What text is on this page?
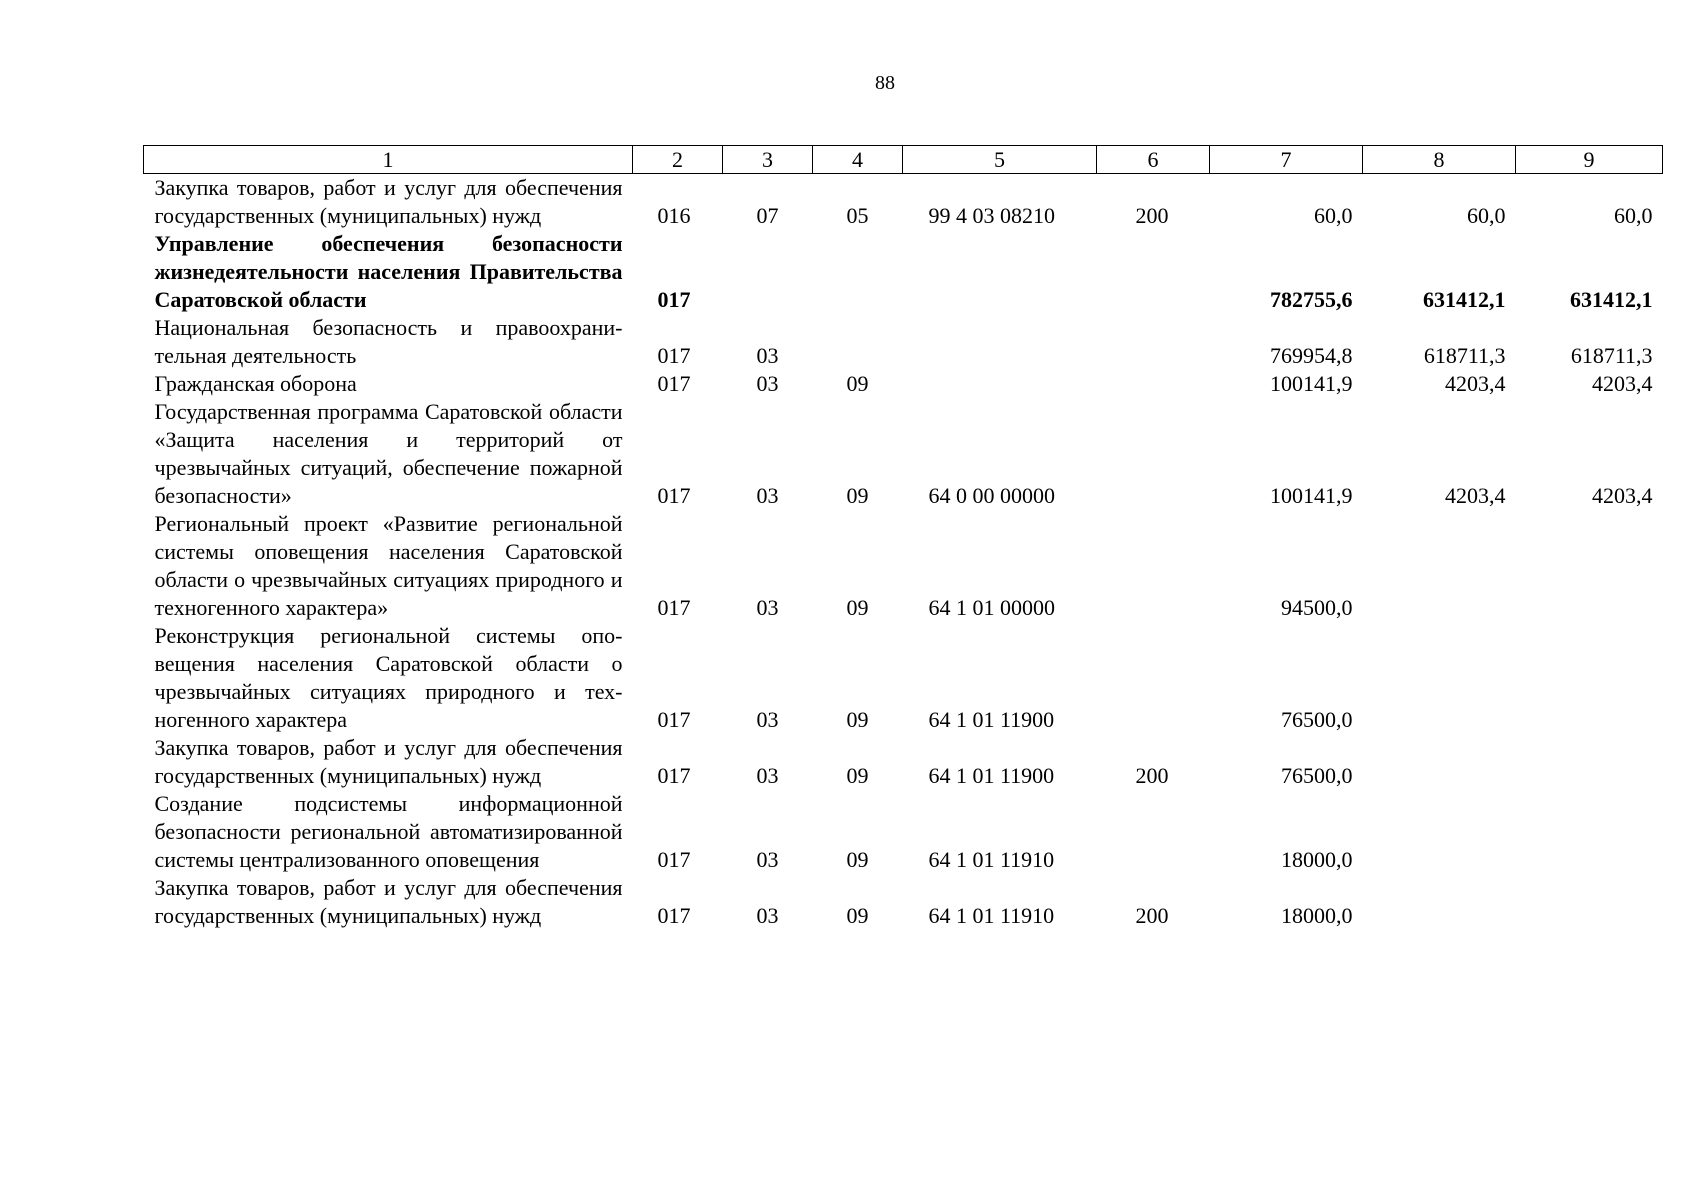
88
1	2	3	4	5	6	7	8	9
Закупка товаров, работ и услуг для обеспечения государственных (муниципальных) нужд	016	07	05	99 4 03 08210	200	60,0	60,0	60,0
Управление обеспечения безопасности жизнедеятельности населения Правительства Саратовской области	017					782755,6	631412,1	631412,1
Национальная безопасность и правоохранительная деятельность	017	03				769954,8	618711,3	618711,3
Гражданская оборона	017	03	09			100141,9	4203,4	4203,4
Государственная программа Саратовской области «Защита населения и территорий от чрезвычайных ситуаций, обеспечение пожарной безопасности»	017	03	09	64 0 00 00000		100141,9	4203,4	4203,4
Региональный проект «Развитие региональной системы оповещения населения Саратовской области о чрезвычайных ситуациях природного и техногенного характера»	017	03	09	64 1 01 00000		94500,0		
Реконструкция региональной системы оповещения населения Саратовской области о чрезвычайных ситуациях природного и техногенного характера	017	03	09	64 1 01 11900		76500,0		
Закупка товаров, работ и услуг для обеспечения государственных (муниципальных) нужд	017	03	09	64 1 01 11900	200	76500,0		
Создание подсистемы информационной безопасности региональной автоматизированной системы централизованного оповещения	017	03	09	64 1 01 11910		18000,0		
Закупка товаров, работ и услуг для обеспечения государственных (муниципальных) нужд	017	03	09	64 1 01 11910	200	18000,0		
